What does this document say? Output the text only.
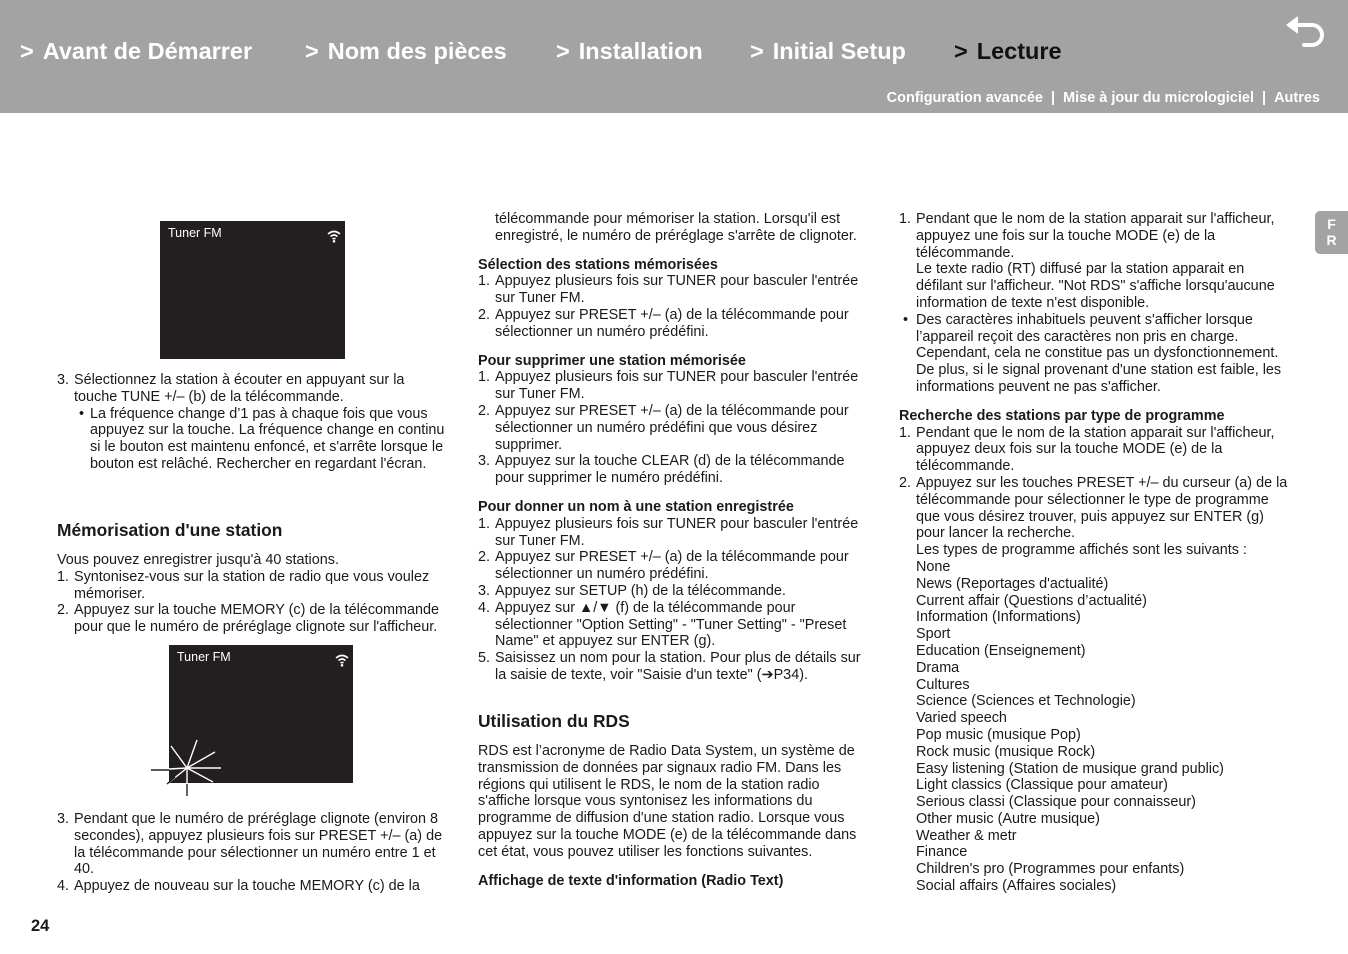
> Avant de Démarrer > Nom des pièces > Installation > Initial Setup > Lecture
Configuration avancée | Mise à jour du micrologiciel | Autres
F
R
Tuner FM
Tuner FM
3. Sélectionnez la station à écouter en appuyant sur la touche TUNE +/– (b) de la télécommande.
• La fréquence change d’1 pas à chaque fois que vous appuyez sur la touche. La fréquence change en continu si le bouton est maintenu enfoncé, et s'arrête lorsque le bouton est relâché. Rechercher en regardant l'écran.
Mémorisation d'une station

Vous pouvez enregistrer jusqu'à 40 stations.

1. Syntonisez-vous sur la station de radio que vous voulez mémoriser.
2. Appuyez sur la touche MEMORY (c) de la télécommande pour que le numéro de préréglage clignote sur l'afficheur.
3. Pendant que le numéro de préréglage clignote (environ 8 secondes), appuyez plusieurs fois sur PRESET +/– (a) de la télécommande pour sélectionner un numéro entre 1 et 40.
4. Appuyez de nouveau sur la touche MEMORY (c) de la

télécommande pour mémoriser la station. Lorsqu'il est enregistré, le numéro de préréglage s'arrête de clignoter.

Sélection des stations mémorisées

1. Appuyez plusieurs fois sur TUNER pour basculer l'entrée sur Tuner FM.
2. Appuyez sur PRESET +/– (a) de la télécommande pour sélectionner un numéro prédéfini.

Pour supprimer une station mémorisée

1. Appuyez plusieurs fois sur TUNER pour basculer l'entrée sur Tuner FM.
2. Appuyez sur PRESET +/– (a) de la télécommande pour sélectionner un numéro prédéfini que vous désirez supprimer.
3. Appuyez sur la touche CLEAR (d) de la télécommande pour supprimer le numéro prédéfini.

Pour donner un nom à une station enregistrée

1. Appuyez plusieurs fois sur TUNER pour basculer l'entrée sur Tuner FM.
2. Appuyez sur PRESET +/– (a) de la télécommande pour sélectionner un numéro prédéfini.
3. Appuyez sur SETUP (h) de la télécommande.
4. Appuyez sur ▲/▼ (f) de la télécommande pour sélectionner "Option Setting" - "Tuner Setting" - "Preset Name" et appuyez sur ENTER (g).
5. Saisissez un nom pour la station. Pour plus de détails sur la saisie de texte, voir "Saisie d'un texte" (➔P34).
Utilisation du RDS

RDS est l’acronyme de Radio Data System, un système de transmission de données par signaux radio FM. Dans les régions qui utilisent le RDS, le nom de la station radio s'affiche lorsque vous syntonisez les informations du programme de diffusion d'une station radio. Lorsque vous appuyez sur la touche MODE (e) de la télécommande dans cet état, vous pouvez utiliser les fonctions suivantes.

Affichage de texte d'information (Radio Text)

1. Pendant que le nom de la station apparait sur l'afficheur, appuyez une fois sur la touche MODE (e) de la télécommande.

Le texte radio (RT) diffusé par la station apparait en défilant sur l'afficheur. "Not RDS" s'affiche lorsqu'aucune information de texte n'est disponible.

• Des caractères inhabituels peuvent s'afficher lorsque l’appareil reçoit des caractères non pris en charge. Cependant, cela ne constitue pas un dysfonctionnement. De plus, si le signal provenant d'une station est faible, les informations peuvent ne pas s'afficher.

Recherche des stations par type de programme

1. Pendant que le nom de la station apparait sur l'afficheur, appuyez deux fois sur la touche MODE (e) de la télécommande.
2. Appuyez sur les touches PRESET +/– du curseur (a) de la télécommande pour sélectionner le type de programme que vous désirez trouver, puis appuyez sur ENTER (g) pour lancer la recherche.

Les types de programme affichés sont les suivants :

None
News (Reportages d'actualité)
Current affair (Questions d’actualité)
Information (Informations)
Sport
Education (Enseignement)
Drama
Cultures
Science (Sciences et Technologie)
Varied speech
Pop music (musique Pop)
Rock music (musique Rock)
Easy listening (Station de musique grand public)
Light classics (Classique pour amateur)
Serious classi (Classique pour connaisseur)
Other music (Autre musique)
Weather & metr
Finance
Children's pro (Programmes pour enfants)
Social affairs (Affaires sociales)
24
